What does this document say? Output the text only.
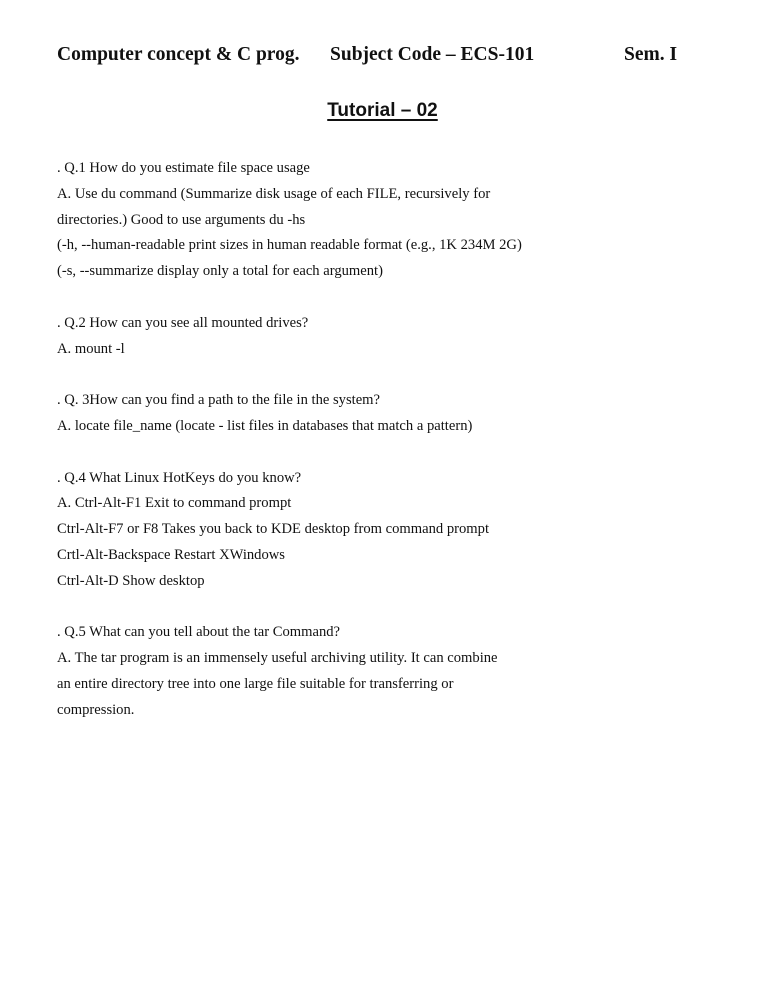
Computer concept & C prog. Subject Code – ECS-101	Sem. I
Tutorial – 02
. Q.1 How do you estimate file space usage
A. Use du command (Summarize disk usage of each FILE, recursively for
directories.) Good to use arguments du -hs
(-h, --human-readable print sizes in human readable format (e.g., 1K 234M 2G)
(-s, --summarize display only a total for each argument)
. Q.2 How can you see all mounted drives?
A. mount -l
. Q. 3How can you find a path to the file in the system?
A. locate file_name (locate - list files in databases that match a pattern)
. Q.4 What Linux HotKeys do you know?
A. Ctrl-Alt-F1 Exit to command prompt
Ctrl-Alt-F7 or F8 Takes you back to KDE desktop from command prompt
Crtl-Alt-Backspace Restart XWindows
Ctrl-Alt-D Show desktop
. Q.5 What can you tell about the tar Command?
A. The tar program is an immensely useful archiving utility. It can combine
an entire directory tree into one large file suitable for transferring or
compression.
